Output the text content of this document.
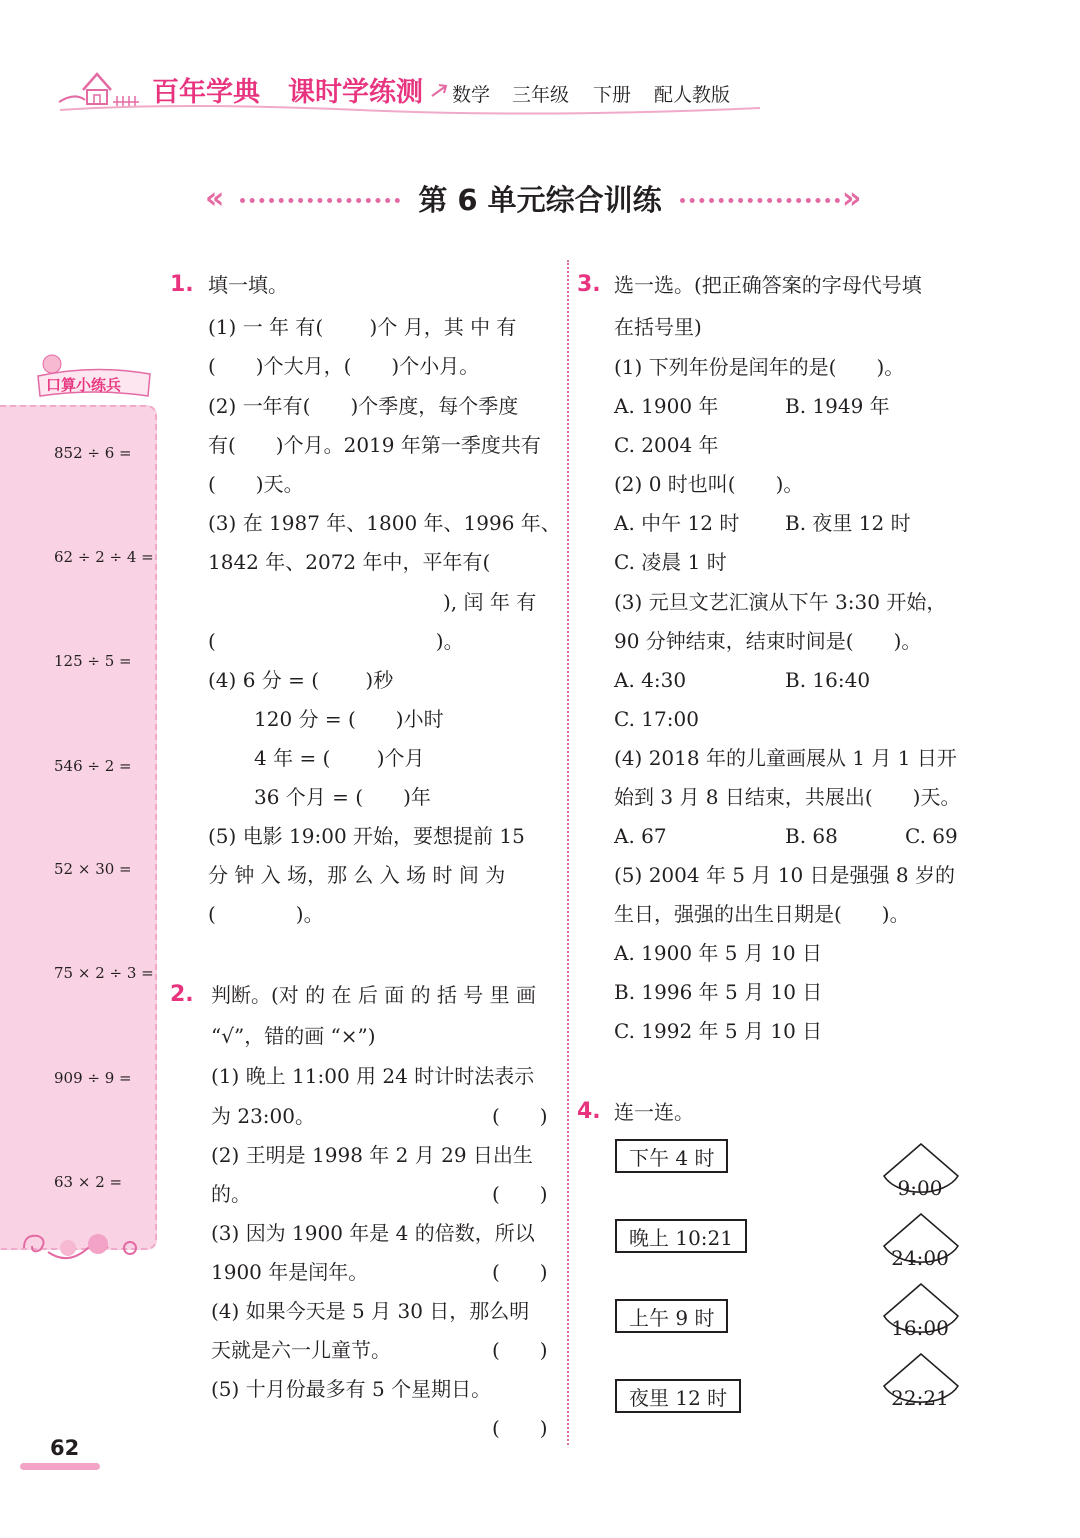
百年学典 课时学练测 数学 三年级 下册 配人教版
«	第 6 单元综合训练	»
口算小练兵
852 ÷ 6 =
62 ÷ 2 ÷ 4 =
125 ÷ 5 =
546 ÷ 2 =
52 × 30 =
75 × 2 ÷ 3 =
909 ÷ 9 =
63 × 2 =
1. 填一填。
(1) 一 年 有(　　 )个 月，其 中 有
(　　)个大月，(　　)个小月。
(2) 一年有(　　)个季度，每个季度
有(　　)个月。2019 年第一季度共有
(　　)天。
(3) 在 1987 年、1800 年、1996 年、
1842 年、2072 年中，平年有(
), 闰 年 有
(　　　　　　　　　　　)。
(4) 6 分 = (　　 )秒
120 分 = (　　)小时
4 年 = (　　 )个月
36 个月 = (　　)年
(5) 电影 19:00 开始，要想提前 15
分 钟 入 场，那 么 入 场 时 间 为
(　　　　)。
2. 判断。(对 的 在 后 面 的 括 号 里 画
“√”，错的画 “×”)
(1) 晚上 11:00 用 24 时计时法表示
为 23:00。	(　　)
(2) 王明是 1998 年 2 月 29 日出生
的。	(　　)
(3) 因为 1900 年是 4 的倍数，所以
1900 年是闰年。	(　　)
(4) 如果今天是 5 月 30 日，那么明
天就是六一儿童节。	(　　)
(5) 十月份最多有 5 个星期日。
(　　)
3. 选一选。(把正确答案的字母代号填
在括号里)
(1) 下列年份是闰年的是(　　)。
A. 1900 年	B. 1949 年
C. 2004 年
(2) 0 时也叫(　　)。
A. 中午 12 时 B. 夜里 12 时
C. 凌晨 1 时
(3) 元旦文艺汇演从下午 3:30 开始，
90 分钟结束，结束时间是(　　)。
A. 4:30	B. 16:40
C. 17:00
(4) 2018 年的儿童画展从 1 月 1 日开
始到 3 月 8 日结束，共展出(　　)天。
A. 67	B. 68	C. 69
(5) 2004 年 5 月 10 日是强强 8 岁的
生日，强强的出生日期是(　　)。
A. 1900 年 5 月 10 日
B. 1996 年 5 月 10 日
C. 1992 年 5 月 10 日
4. 连一连。
下午 4 时
晚上 10:21
上午 9 时
夜里 12 时
9:00
24:00
16:00
22:21
62
